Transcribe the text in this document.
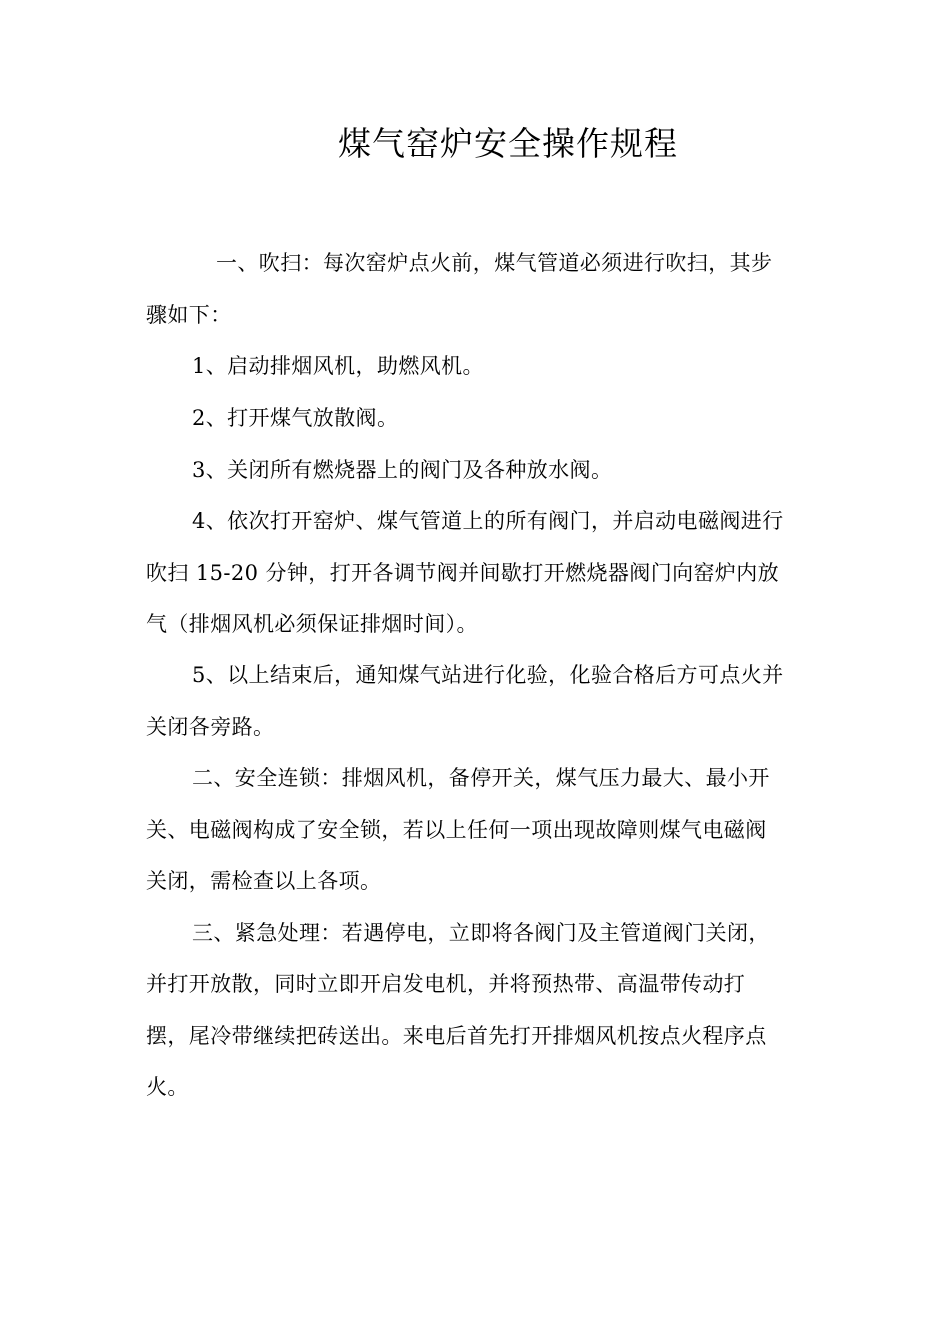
煤气窑炉安全操作规程
一、吹扫：每次窑炉点火前，煤气管道必须进行吹扫，其步
骤如下：
1、启动排烟风机，助燃风机。
2、打开煤气放散阀。
3、关闭所有燃烧器上的阀门及各种放水阀。
4、依次打开窑炉、煤气管道上的所有阀门，并启动电磁阀进行
吹扫 15-20 分钟，打开各调节阀并间歇打开燃烧器阀门向窑炉内放
气（排烟风机必须保证排烟时间）。
5、以上结束后，通知煤气站进行化验，化验合格后方可点火并
关闭各旁路。
二、安全连锁：排烟风机，备停开关，煤气压力最大、最小开
关、电磁阀构成了安全锁，若以上任何一项出现故障则煤气电磁阀
关闭，需检查以上各项。
三、紧急处理：若遇停电，立即将各阀门及主管道阀门关闭，
并打开放散，同时立即开启发电机，并将预热带、高温带传动打
摆，尾冷带继续把砖送出。来电后首先打开排烟风机按点火程序点
火。
